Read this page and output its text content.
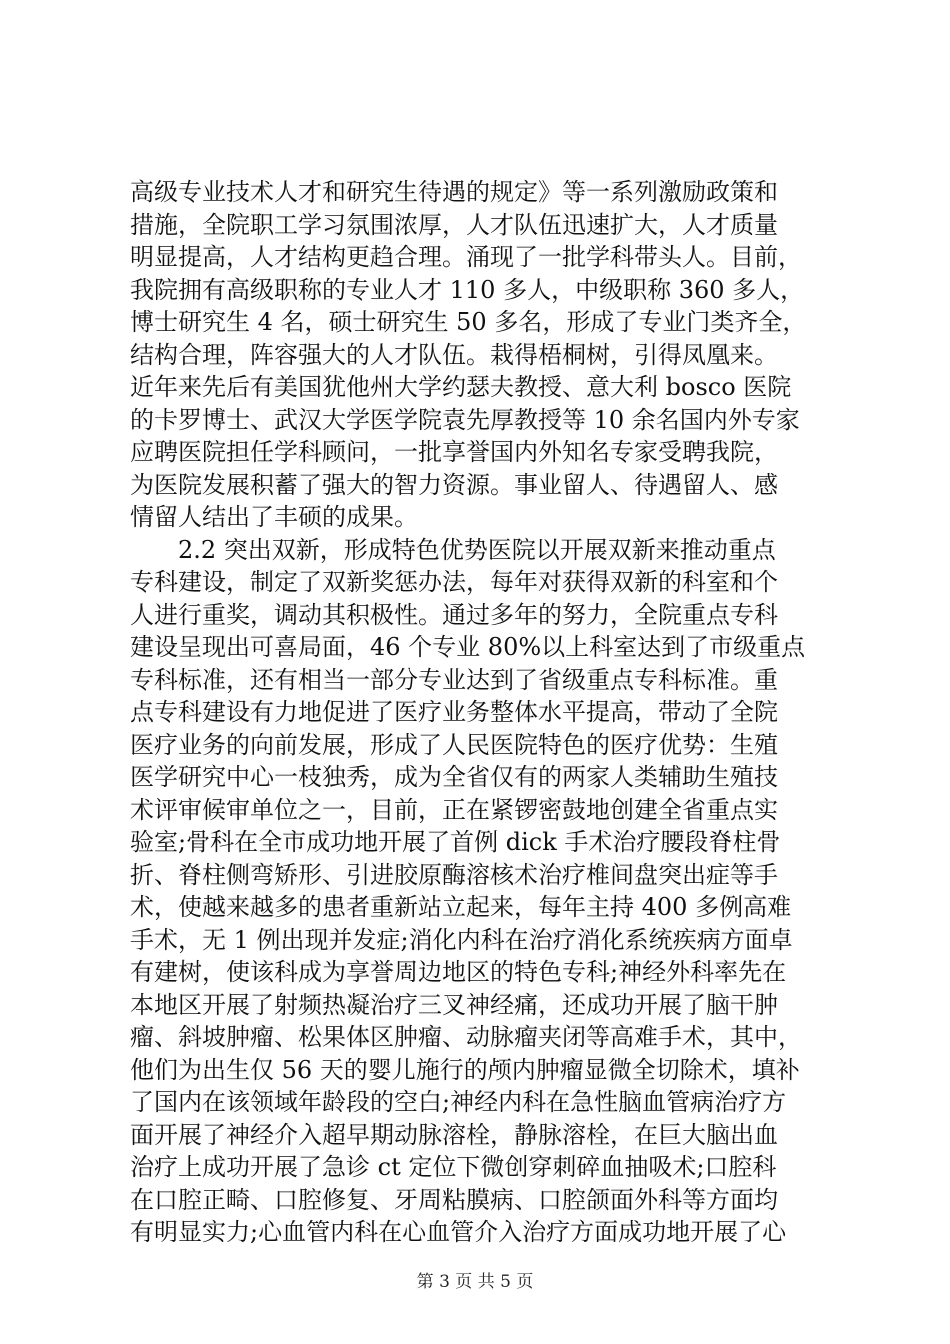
高级专业技术人才和研究生待遇的规定》等一系列激励政策和
措施，全院职工学习氛围浓厚，人才队伍迅速扩大，人才质量
明显提高，人才结构更趋合理。涌现了一批学科带头人。目前，
我院拥有高级职称的专业人才 110 多人，中级职称 360 多人，
博士研究生 4 名，硕士研究生 50 多名，形成了专业门类齐全，
结构合理，阵容强大的人才队伍。栽得梧桐树，引得凤凰来。
近年来先后有美国犹他州大学约瑟夫教授、意大利 bosco 医院
的卡罗博士、武汉大学医学院袁先厚教授等 10 余名国内外专家
应聘医院担任学科顾问，一批享誉国内外知名专家受聘我院，
为医院发展积蓄了强大的智力资源。事业留人、待遇留人、感
情留人结出了丰硕的成果。
　　2.2 突出双新，形成特色优势医院以开展双新来推动重点
专科建设，制定了双新奖惩办法，每年对获得双新的科室和个
人进行重奖，调动其积极性。通过多年的努力，全院重点专科
建设呈现出可喜局面，46 个专业 80%以上科室达到了市级重点
专科标准，还有相当一部分专业达到了省级重点专科标准。重
点专科建设有力地促进了医疗业务整体水平提高，带动了全院
医疗业务的向前发展，形成了人民医院特色的医疗优势：生殖
医学研究中心一枝独秀，成为全省仅有的两家人类辅助生殖技
术评审候审单位之一，目前，正在紧锣密鼓地创建全省重点实
验室;骨科在全市成功地开展了首例 dick 手术治疗腰段脊柱骨
折、脊柱侧弯矫形、引进胶原酶溶核术治疗椎间盘突出症等手
术，使越来越多的患者重新站立起来，每年主持 400 多例高难
手术，无 1 例出现并发症;消化内科在治疗消化系统疾病方面卓
有建树，使该科成为享誉周边地区的特色专科;神经外科率先在
本地区开展了射频热凝治疗三叉神经痛，还成功开展了脑干肿
瘤、斜坡肿瘤、松果体区肿瘤、动脉瘤夹闭等高难手术，其中，
他们为出生仅 56 天的婴儿施行的颅内肿瘤显微全切除术，填补
了国内在该领域年龄段的空白;神经内科在急性脑血管病治疗方
面开展了神经介入超早期动脉溶栓，静脉溶栓，在巨大脑出血
治疗上成功开展了急诊 ct 定位下微创穿刺碎血抽吸术;口腔科
在口腔正畸、口腔修复、牙周粘膜病、口腔颌面外科等方面均
有明显实力;心血管内科在心血管介入治疗方面成功地开展了心
第 3 页 共 5 页
